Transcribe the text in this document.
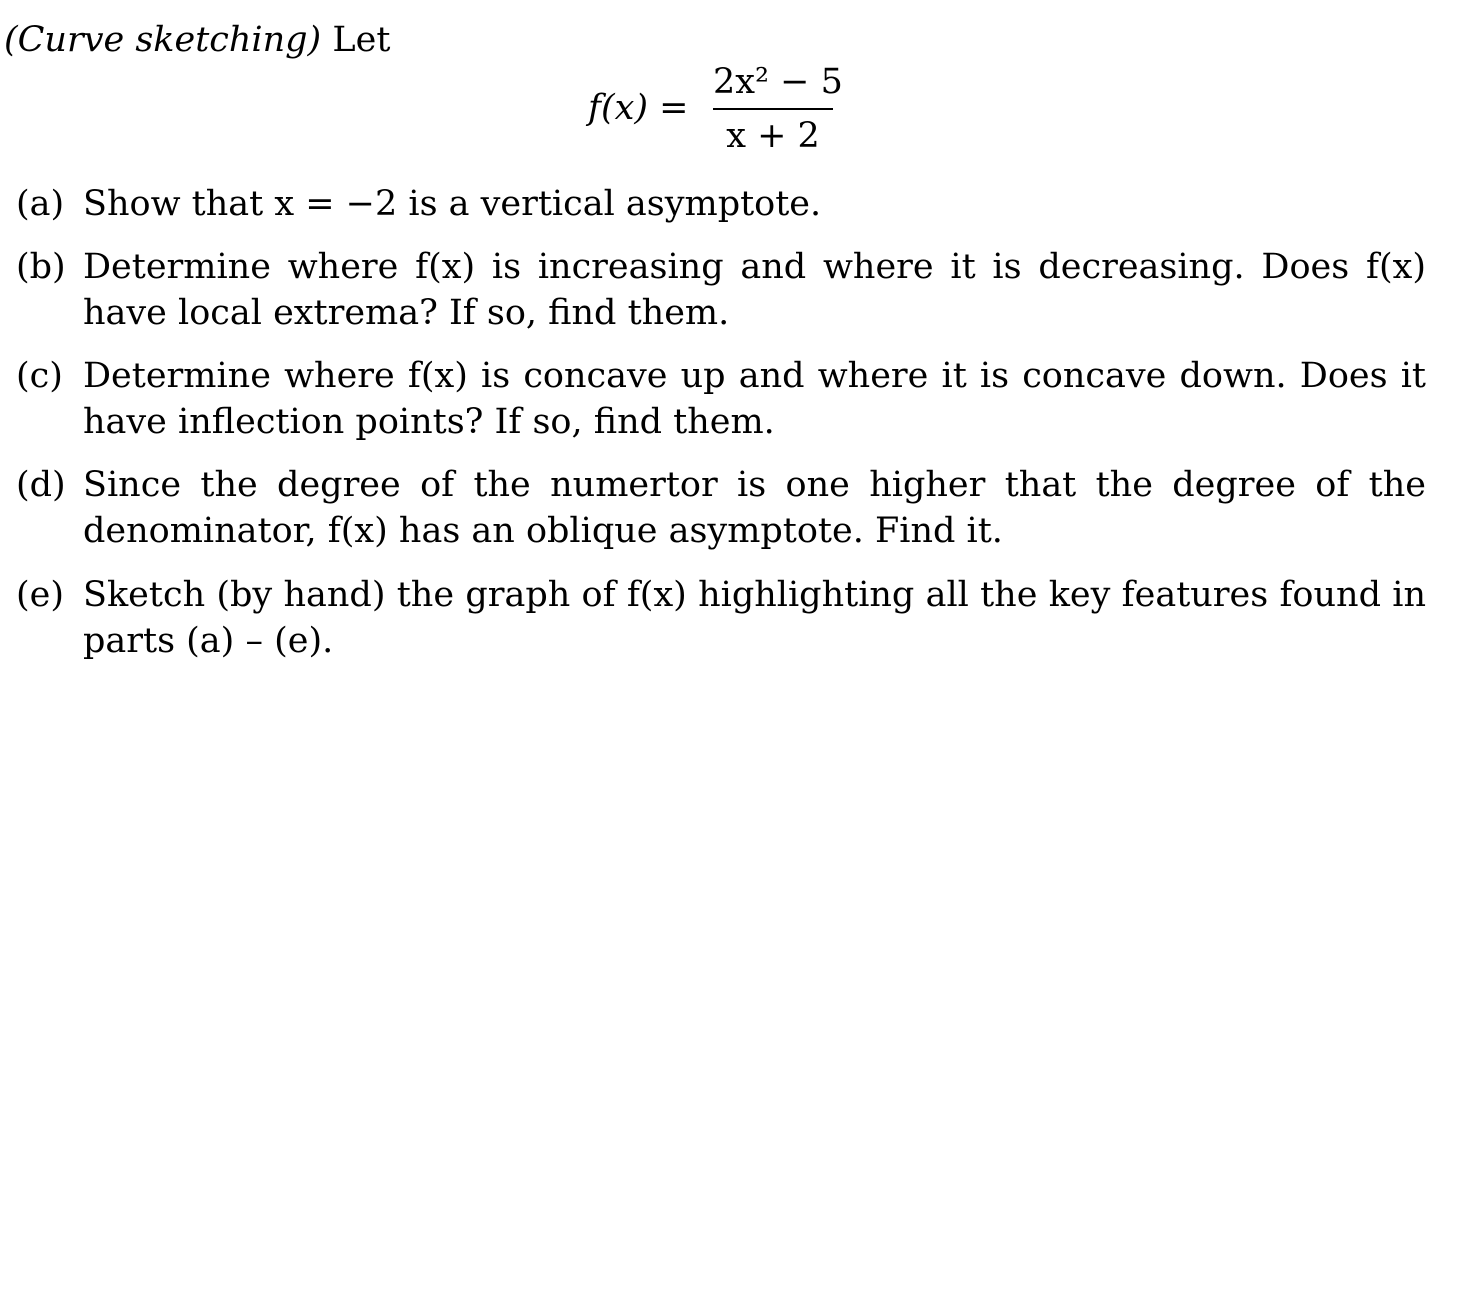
(Curve sketching) Let
f(x) =
2x² − 5
x + 2
(a) Show that x = −2 is a vertical asymptote.
(b) Determine where f(x) is increasing and where it is decreasing. Does f(x) have local extrema? If so, find them.
(c) Determine where f(x) is concave up and where it is concave down. Does it have inflection points? If so, find them.
(d) Since the degree of the numertor is one higher that the degree of the denominator, f(x) has an oblique asymptote. Find it.
(e) Sketch (by hand) the graph of f(x) highlighting all the key features found in parts (a) – (e).
